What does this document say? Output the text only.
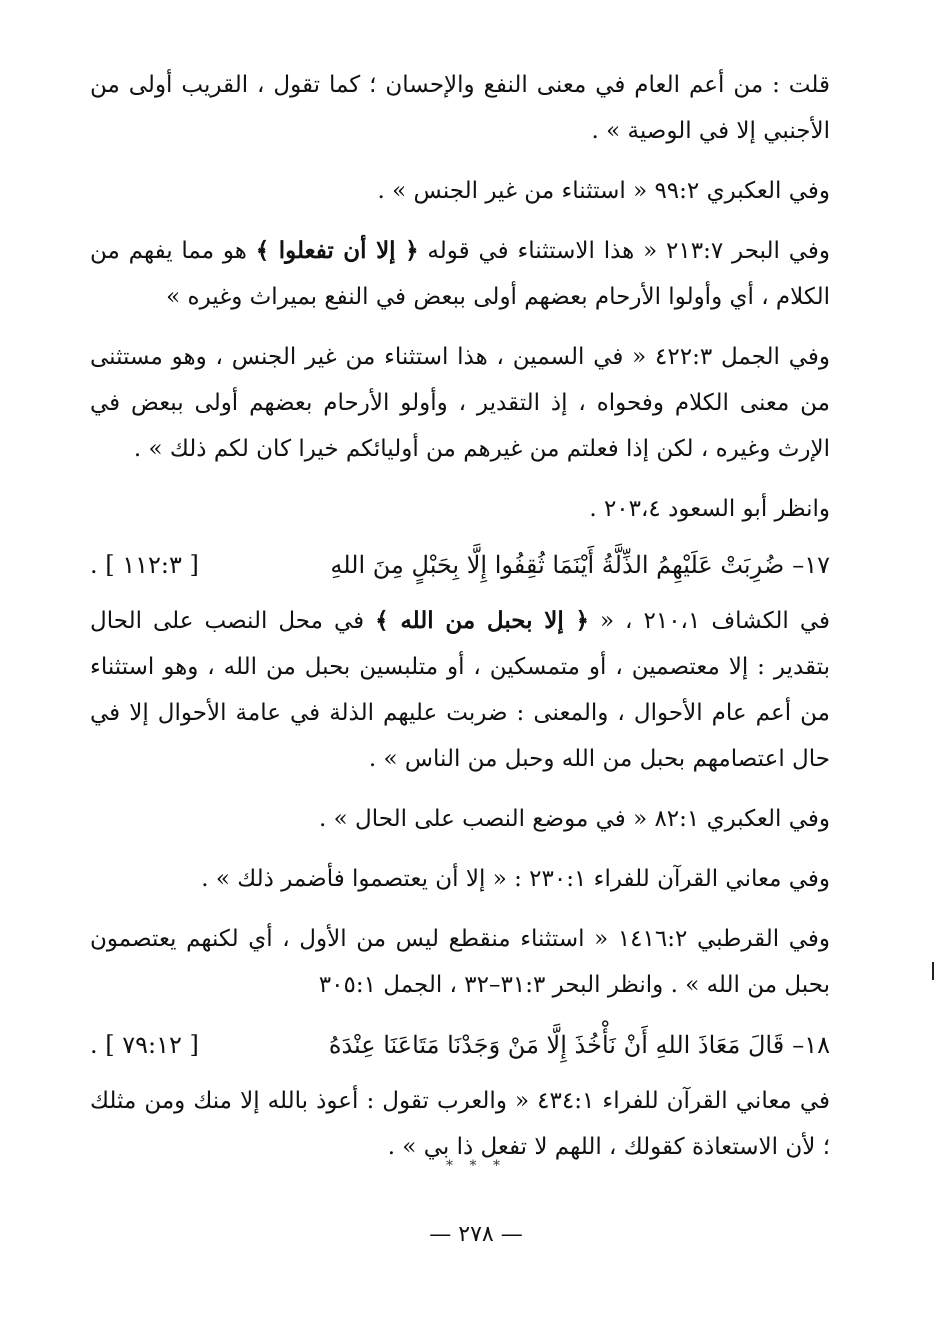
قلت : من أعم العام في معنى النفع والإحسان ؛ كما تقول ، القريب أولى من الأجنبي إلا في الوصية » .

وفي العكبري ٩٩:٢ « استثناء من غير الجنس » .

وفي البحر ٢١٣:٧ « هذا الاستثناء في قوله ﴿ إلا أن تفعلوا ﴾ هو مما يفهم من الكلام ، أي وأولوا الأرحام بعضهم أولى ببعض في النفع بميراث وغيره »

وفي الجمل ٤٢٢:٣ « في السمين ، هذا استثناء من غير الجنس ، وهو مستثنى من معنى الكلام وفحواه ، إذ التقدير ، وأولو الأرحام بعضهم أولى ببعض في الإرث وغيره ، لكن إذا فعلتم من غيرهم من أوليائكم خيرا كان لكم ذلك » .

وانظر أبو السعود ٢٠٣،٤ .

١٧–
ضُرِبَتْ عَلَيْهِمُ الذِّلَّةُ أَيْنَمَا ثُقِفُوا إِلَّا بِحَبْلٍ مِنَ اللهِ
[ ١١٢:٣ ] .

في الكشاف ٢١٠،١ ، « ﴿ إلا بحبل من الله ﴾ في محل النصب على الحال بتقدير : إلا معتصمين ، أو متمسكين ، أو متلبسين بحبل من الله ، وهو استثناء من أعم عام الأحوال ، والمعنى : ضربت عليهم الذلة في عامة الأحوال إلا في حال اعتصامهم بحبل من الله وحبل من الناس » .

وفي العكبري ٨٢:١ « في موضع النصب على الحال » .

وفي معاني القرآن للفراء ٢٣٠:١ : « إلا أن يعتصموا فأضمر ذلك » .

وفي القرطبي ١٤١٦:٢ « استثناء منقطع ليس من الأول ، أي لكنهم يعتصمون بحبل من الله » . وانظر البحر ٣١:٣–٣٢ ، الجمل ٣٠٥:١

١٨–
قَالَ مَعَاذَ اللهِ أَنْ نَأْخُذَ إِلَّا مَنْ وَجَدْنَا مَتَاعَنَا عِنْدَهُ
[ ٧٩:١٢ ] .

في معاني القرآن للفراء ٤٣٤:١ « والعرب تقول : أعوذ بالله إلا منك ومن مثلك ؛ لأن الاستعاذة كقولك ، اللهم لا تفعل ذا بي » .

* * *
— ٢٧٨ —
